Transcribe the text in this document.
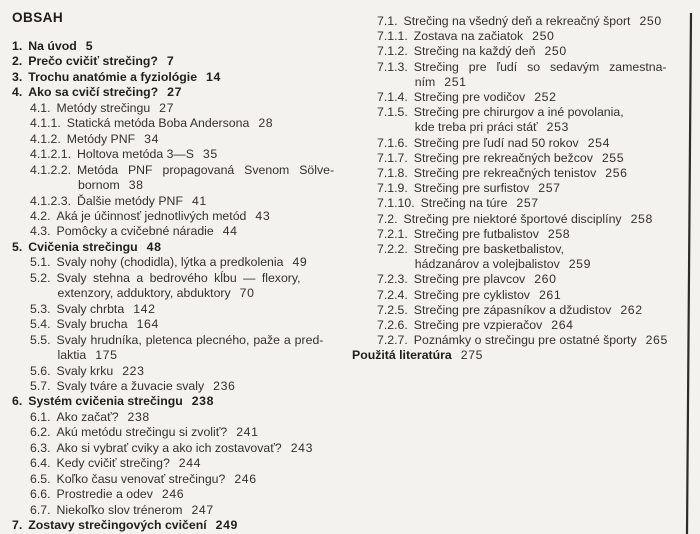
OBSAH
1. Na úvod 5
2. Prečo cvičiť strečing? 7
3. Trochu anatómie a fyziológie 14
4. Ako sa cvičí strečing? 27
4.1. Metódy strečingu 27
4.1.1. Statická metóda Boba Andersona 28
4.1.2. Metódy PNF 34
4.1.2.1. Holtova metóda 3—S 35
4.1.2.2. Metóda PNF propagovaná Svenom Sölve-
bornom 38
4.1.2.3. Ďalšie metódy PNF 41
4.2. Aká je účinnosť jednotlivých metód 43
4.3. Pomôcky a cvičebné náradie 44
5. Cvičenia strečingu 48
5.1. Svaly nohy (chodidla), lýtka a predkolenia 49
5.2. Svaly stehna a bedrového kĺbu — flexory,
extenzory, adduktory, abduktory 70
5.3. Svaly chrbta 142
5.4. Svaly brucha 164
5.5. Svaly hrudníka, pletenca plecného, paže a pred-
laktia 175
5.6. Svaly krku 223
5.7. Svaly tváre a žuvacie svaly 236
6. Systém cvičenia strečingu 238
6.1. Ako začať? 238
6.2. Akú metódu strečingu si zvoliť? 241
6.3. Ako si vybrať cviky a ako ich zostavovať? 243
6.4. Kedy cvičiť strečing? 244
6.5. Koľko času venovať strečingu? 246
6.6. Prostredie a odev 246
6.7. Niekoľko slov trénerom 247
7. Zostavy strečingových cvičení 249
7.1. Strečing na všedný deň a rekreačný šport 250
7.1.1. Zostava na začiatok 250
7.1.2. Strečing na každý deň 250
7.1.3. Strečing pre ľudí so sedavým zamestna-
ním 251
7.1.4. Strečing pre vodičov 252
7.1.5. Strečing pre chirurgov a iné povolania,
kde treba pri práci stáť 253
7.1.6. Strečing pre ľudí nad 50 rokov 254
7.1.7. Strečing pre rekreačných bežcov 255
7.1.8. Strečing pre rekreačných tenistov 256
7.1.9. Strečing pre surfistov 257
7.1.10. Strečing na túre 257
7.2. Strečing pre niektoré športové disciplíny 258
7.2.1. Strečing pre futbalistov 258
7.2.2. Strečing pre basketbalistov,
hádzanárov a volejbalistov 259
7.2.3. Strečing pre plavcov 260
7.2.4. Strečing pre cyklistov 261
7.2.5. Strečing pre zápasníkov a džudistov 262
7.2.6. Strečing pre vzpieračov 264
7.2.7. Poznámky o strečingu pre ostatné športy 265
Použitá literatúra 275
